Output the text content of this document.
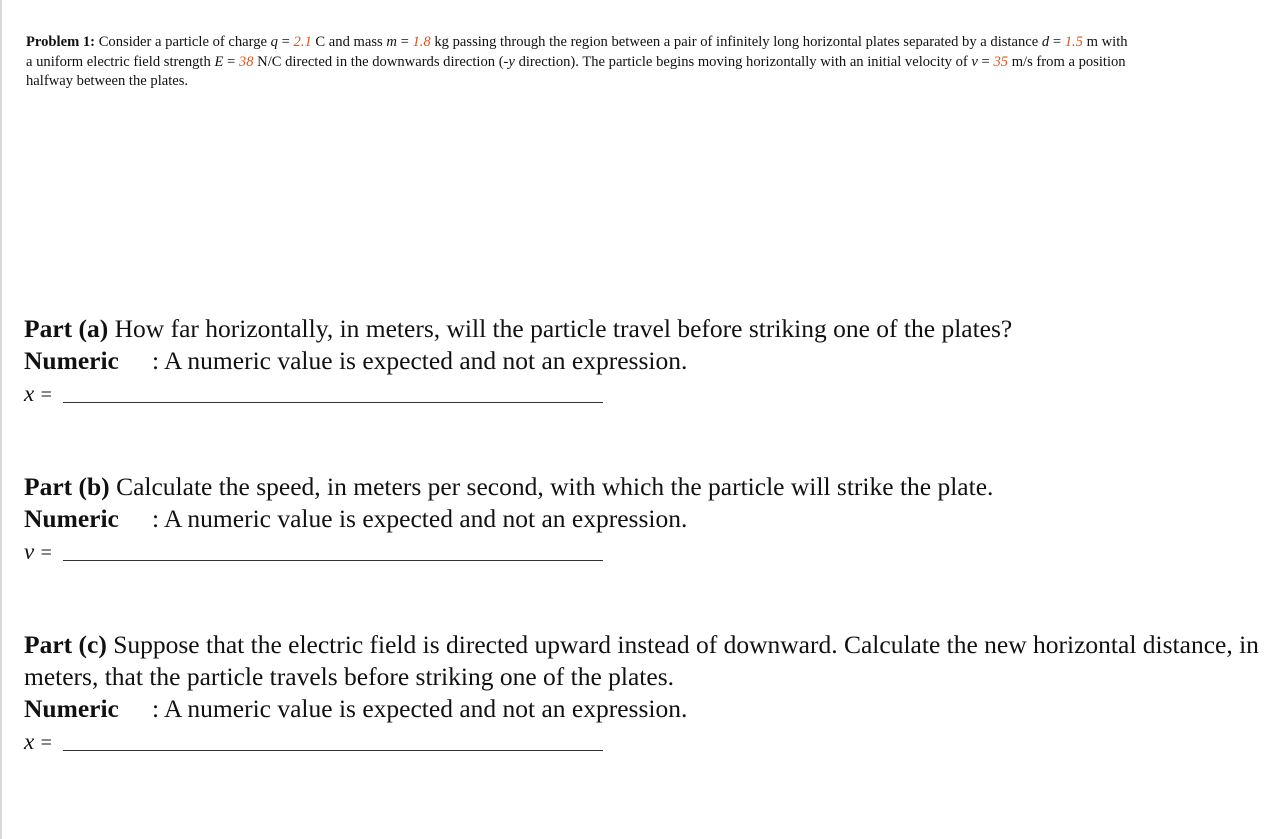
Problem 1: Consider a particle of charge q = 2.1 C and mass m = 1.8 kg passing through the region between a pair of infinitely long horizontal plates separated by a distance d = 1.5 m with a uniform electric field strength E = 38 N/C directed in the downwards direction (-y direction). The particle begins moving horizontally with an initial velocity of v = 35 m/s from a position halfway between the plates.
Part (a) How far horizontally, in meters, will the particle travel before striking one of the plates?
Numeric : A numeric value is expected and not an expression.
x =
Part (b) Calculate the speed, in meters per second, with which the particle will strike the plate.
Numeric : A numeric value is expected and not an expression.
v =
Part (c) Suppose that the electric field is directed upward instead of downward. Calculate the new horizontal distance, in meters, that the particle travels before striking one of the plates.
Numeric : A numeric value is expected and not an expression.
x =
